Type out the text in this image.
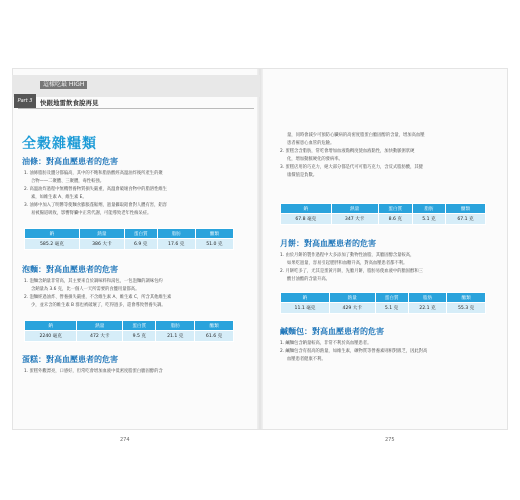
Part 3
這樣吃最 HIGH
快跟地雷飲食說再見
全穀雜糧類
油條：對高血壓患者的危害

1. 油條脂肪及鹽分都偏高，其中的不飽和脂肪酸經高溫油炸後所產生的聚

合物——二聚體、三聚體，毒性較強。

2. 高溫油炸過程中無機營養物質損失嚴重，高溫會破壞食物中的脂溶性維生

素，如維生素 A、維生素 E。

3. 油條中加入了明礬等使麵食膨脹蓬鬆劑，過量攝取鋁會對人體有害，鋁容

易被腸道吸收，影響腎臟中正常代謝，可能導致老年性痴呆症。

鈉	熱量	蛋白質	脂肪	醣類
585.2 毫克	386 大卡	6.9 克	17.6 克	51.0 克
泡麵：對高血壓患者的危害

1. 泡麵含鈉量非常高，其主要來自於調味料和湯包，一包泡麵的調味包約

含鈉量為 3.6 克，比一個人一天所需要的食鹽用量都高。

2. 泡麵經過油炸、營養損失嚴重，不含維生素 A、維生素 C，所含其他維生素

少，並未含的維生素 B 群也被破壞了，吃得過多，還會導致營養失調。

鈉	熱量	蛋白質	脂肪	醣類
2240 毫克	472 大卡	9.5 克	21.1 克	61.6 克
蛋糕：對高血壓患者的危害

1. 蛋糕外觀漂亮，口感好，但常吃會增加血液中低密度脂蛋白膽固醇的含

274

量，同時會減少可預防心臟病的高密度脂蛋白膽固醇的含量，增加高血壓

患者罹患心血管的危險。

2. 蛋糕含含脂肪，常吃會增加血液黏稠度使血液黏性，加快動脈粥狀硬

化，增加動脈硬化的發病率。

3. 蛋糕店用的巧克力，絕大部分都是代可可脂巧克力，含反式脂肪酸，其健

康價值是負數。

鈉	熱量	蛋白質	脂肪	醣類
67.8 毫克	347 大卡	8.6 克	5.1 克	67.1 克
月餅：對高血壓患者的危害

1. 由於月餅的製作過程中大多添加了動物性油脂，其膽固醇含量較高，

如果吃過量，容易引起肥胖和血糖升高，對高血壓患者都不利。

2. 月餅吃多了，尤其是蛋黃月餅，先膽月餅，脂肪易使血液中的膽固醇和三

酸甘油酯的含量升高。

鈉	熱量	蛋白質	脂肪	醣類
11.1 毫克	429 大卡	5.1 克	22.1 克	55.3 克
鹹麵包：對高血壓患者的危害

1. 鹹麵包含鈉量較高，非常不利於高血壓患者。

2. 鹹麵包含有很高的熱量，如維生素，礦物質等營養素則相對匱乏，因此對高

血壓患者健康不利。

275
